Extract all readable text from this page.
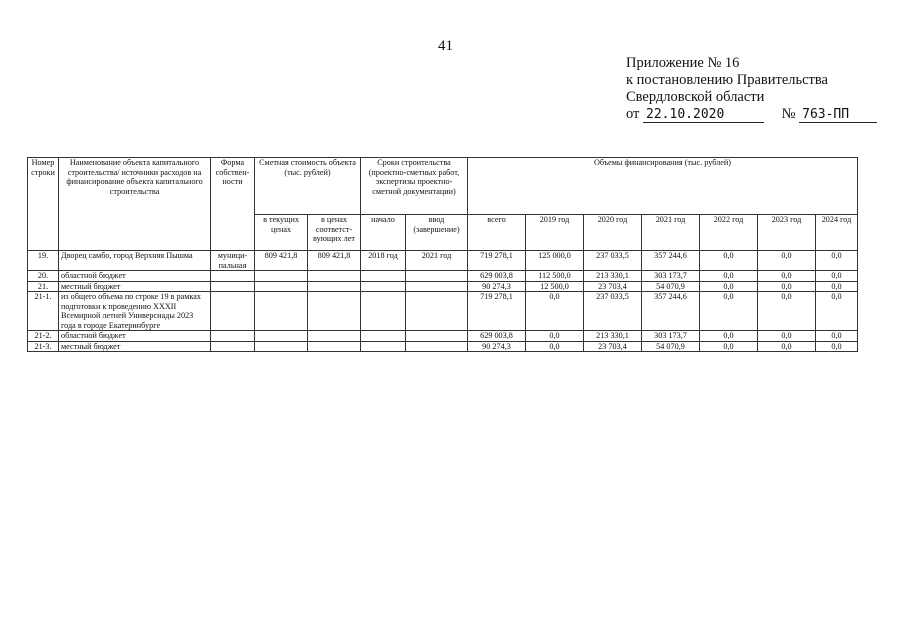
41
Приложение № 16
к постановлению Правительства
Свердловской области
от 22.10.2020	№ 763-ПП
Номер строки	Наименование объекта капитального строительства/ источники расходов на финансирование объекта капитального строительства	Форма собствен-ности	Сметная стоимость объекта (тыс. рублей)		Сроки строительства (проектно-сметных работ, экспертизы проектно-сметной документации)		Объемы финансирования (тыс. рублей)						
			в текущих ценах	в ценах соответст-вующих лет	начало	ввод (завершение)	всего	2019 год	2020 год	2021 год	2022 год	2023 год	2024 год
19.	Дворец самбо, город Верхняя Пышма	муници-пальная	809 421,8	809 421,8	2018 год	2021 год	719 278,1	125 000,0	237 033,5	357 244,6	0,0	0,0	0,0
20.	областной бюджет						629 003,8	112 500,0	213 330,1	303 173,7	0,0	0,0	0,0
21.	местный бюджет						90 274,3	12 500,0	23 703,4	54 070,9	0,0	0,0	0,0
21-1.	из общего объема по строке 19 в рамках подготовки к проведению XXXII Всемирной летней Универсиады 2023 года в городе Екатеринбурге						719 278,1	0,0	237 033,5	357 244,6	0,0	0,0	0,0
21-2.	областной бюджет						629 003,8	0,0	213 330,1	303 173,7	0,0	0,0	0,0
21-3.	местный бюджет						90 274,3	0,0	23 703,4	54 070,9	0,0	0,0	0,0
